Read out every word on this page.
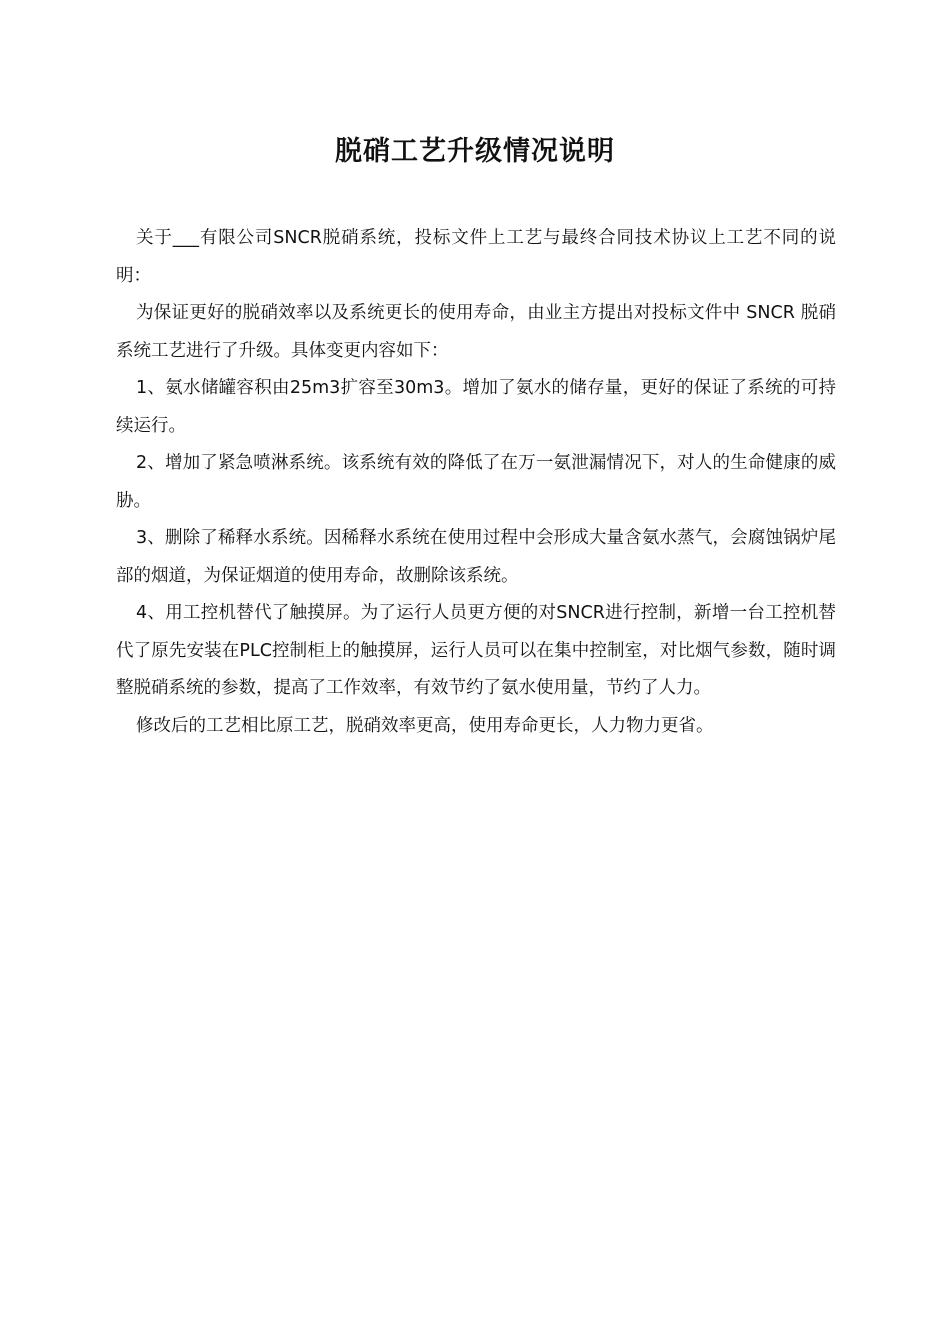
脱硝工艺升级情况说明

关于___有限公司SNCR脱硝系统，投标文件上工艺与最终合同技术协议上工艺不同的说明：

为保证更好的脱硝效率以及系统更长的使用寿命，由业主方提出对投标文件中 SNCR 脱硝系统工艺进行了升级。具体变更内容如下：

1、氨水储罐容积由25m3扩容至30m3。增加了氨水的储存量，更好的保证了系统的可持续运行。

2、增加了紧急喷淋系统。该系统有效的降低了在万一氨泄漏情况下，对人的生命健康的威胁。

3、删除了稀释水系统。因稀释水系统在使用过程中会形成大量含氨水蒸气，会腐蚀锅炉尾部的烟道，为保证烟道的使用寿命，故删除该系统。

4、用工控机替代了触摸屏。为了运行人员更方便的对SNCR进行控制，新增一台工控机替代了原先安装在PLC控制柜上的触摸屏，运行人员可以在集中控制室，对比烟气参数，随时调整脱硝系统的参数，提高了工作效率，有效节约了氨水使用量，节约了人力。

修改后的工艺相比原工艺，脱硝效率更高，使用寿命更长，人力物力更省。
